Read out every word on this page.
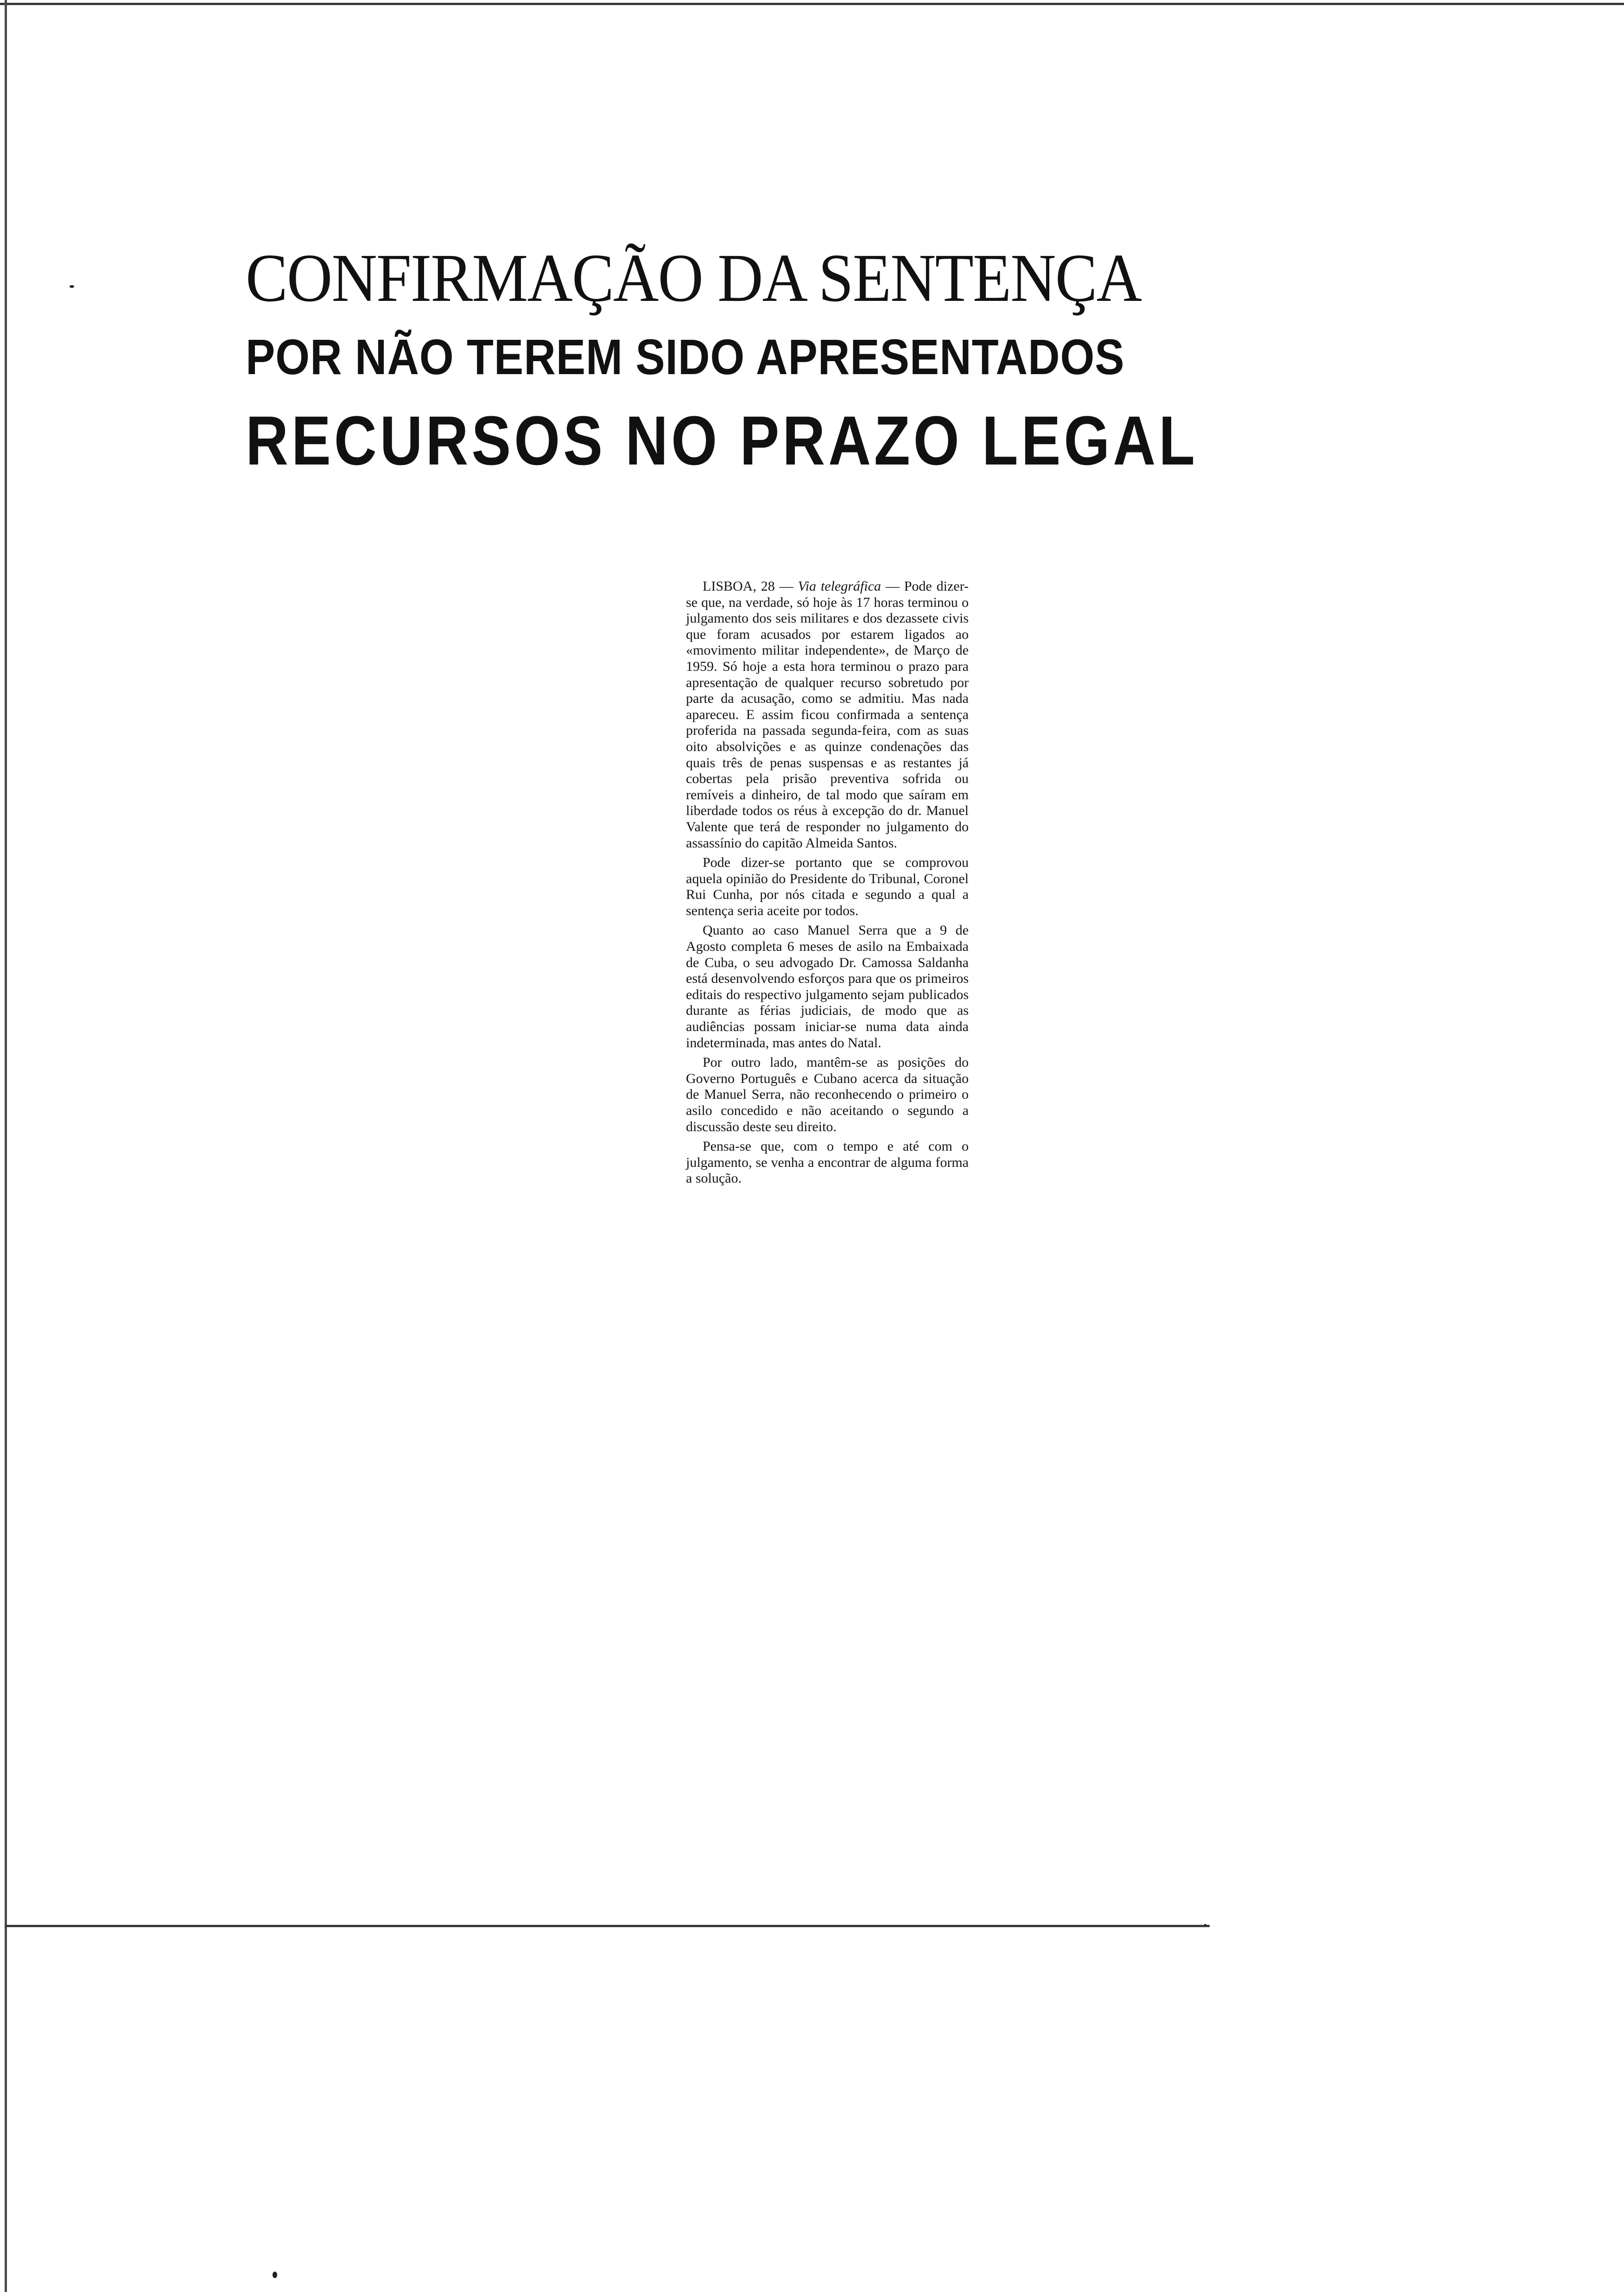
CONFIRMAÇÃO DA SENTENÇA
POR NÃO TEREM SIDO APRESENTADOS
RECURSOS NO PRAZO LEGAL

LISBOA, 28 — Via telegráfica — Pode dizer-se que, na verdade, só hoje às 17 horas terminou o julgamento dos seis militares e dos dezassete civis que foram acusados por estarem ligados ao «movimento militar independente», de Março de 1959. Só hoje a esta hora terminou o prazo para apresentação de qualquer recurso sobretudo por parte da acusação, como se admitiu. Mas nada apareceu. E assim ficou confirmada a sentença proferida na passada segunda-feira, com as suas oito absolvições e as quinze condenações das quais três de penas suspensas e as restantes já cobertas pela prisão preventiva sofrida ou remíveis a dinheiro, de tal modo que saíram em liberdade todos os réus à excepção do dr. Manuel Valente que terá de responder no julgamento do assassínio do capitão Almeida Santos.

Pode dizer-se portanto que se comprovou aquela opinião do Presidente do Tribunal, Coronel Rui Cunha, por nós citada e segundo a qual a sentença seria aceite por todos.

Quanto ao caso Manuel Serra que a 9 de Agosto completa 6 meses de asilo na Embaixada de Cuba, o seu advogado Dr. Camossa Saldanha está desenvolvendo esforços para que os primeiros editais do respectivo julgamento sejam publicados durante as férias judiciais, de modo que as audiências possam iniciar-se numa data ainda indeterminada, mas antes do Natal.

Por outro lado, mantêm-se as posições do Governo Português e Cubano acerca da situação de Manuel Serra, não reconhecendo o primeiro o asilo concedido e não aceitando o segundo a discussão deste seu direito.

Pensa-se que, com o tempo e até com o julgamento, se venha a encontrar de alguma forma a solução.
